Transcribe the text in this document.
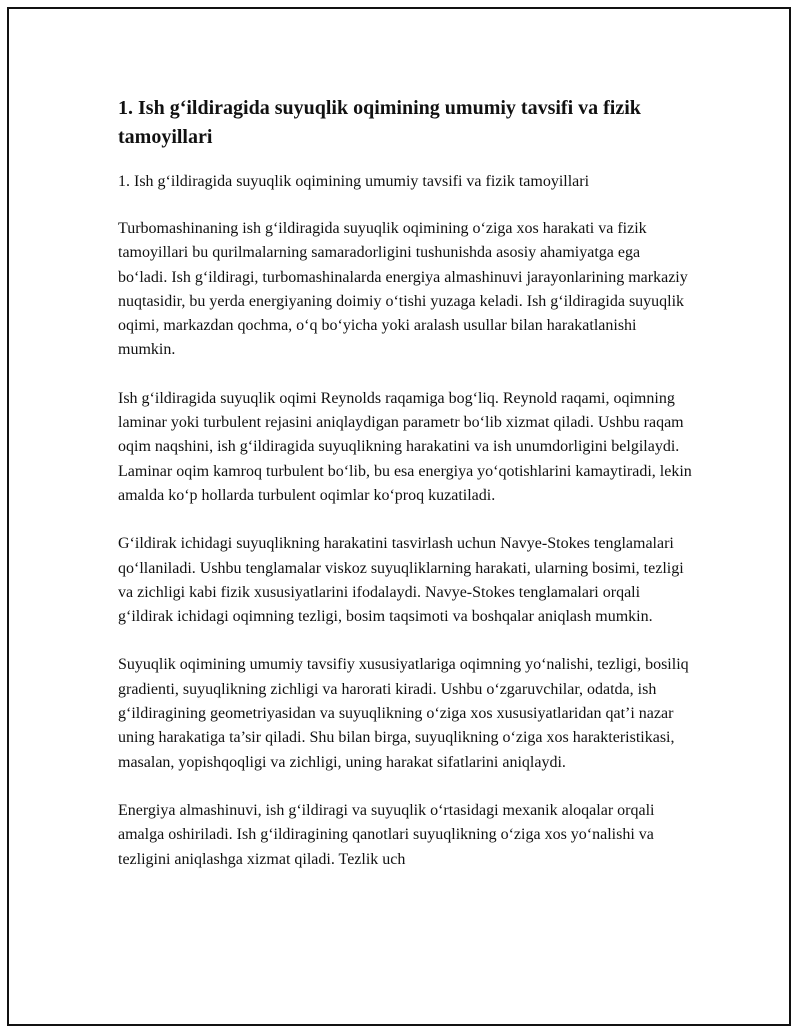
1. Ish g‘ildiragida suyuqlik oqimining umumiy tavsifi va fizik tamoyillari

1. Ish g‘ildiragida suyuqlik oqimining umumiy tavsifi va fizik tamoyillari

Turbomashinaning ish g‘ildiragida suyuqlik oqimining o‘ziga xos harakati va fizik tamoyillari bu qurilmalarning samaradorligini tushunishda asosiy ahamiyatga ega bo‘ladi. Ish g‘ildiragi, turbomashinalarda energiya almashinuvi jarayonlarining markaziy nuqtasidir, bu yerda energiyaning doimiy o‘tishi yuzaga keladi. Ish g‘ildiragida suyuqlik oqimi, markazdan qochma, o‘q bo‘yicha yoki aralash usullar bilan harakatlanishi mumkin.

Ish g‘ildiragida suyuqlik oqimi Reynolds raqamiga bog‘liq. Reynold raqami, oqimning laminar yoki turbulent rejasini aniqlaydigan parametr bo‘lib xizmat qiladi. Ushbu raqam oqim naqshini, ish g‘ildiragida suyuqlikning harakatini va ish unumdorligini belgilaydi. Laminar oqim kamroq turbulent bo‘lib, bu esa energiya yo‘qotishlarini kamaytiradi, lekin amalda ko‘p hollarda turbulent oqimlar ko‘proq kuzatiladi.

G‘ildirak ichidagi suyuqlikning harakatini tasvirlash uchun Navye-Stokes tenglamalari qo‘llaniladi. Ushbu tenglamalar viskoz suyuqliklarning harakati, ularning bosimi, tezligi va zichligi kabi fizik xususiyatlarini ifodalaydi. Navye-Stokes tenglamalari orqali g‘ildirak ichidagi oqimning tezligi, bosim taqsimoti va boshqalar aniqlash mumkin.

Suyuqlik oqimining umumiy tavsifiy xususiyatlariga oqimning yo‘nalishi, tezligi, bosiliq gradienti, suyuqlikning zichligi va harorati kiradi. Ushbu o‘zgaruvchilar, odatda, ish g‘ildiragining geometriyasidan va suyuqlikning o‘ziga xos xususiyatlaridan qat’i nazar uning harakatiga ta’sir qiladi. Shu bilan birga, suyuqlikning o‘ziga xos harakteristikasi, masalan, yopishqoqligi va zichligi, uning harakat sifatlarini aniqlaydi.

Energiya almashinuvi, ish g‘ildiragi va suyuqlik o‘rtasidagi mexanik aloqalar orqali amalga oshiriladi. Ish g‘ildiragining qanotlari suyuqlikning o‘ziga xos yo‘nalishi va tezligini aniqlashga xizmat qiladi. Tezlik uch
